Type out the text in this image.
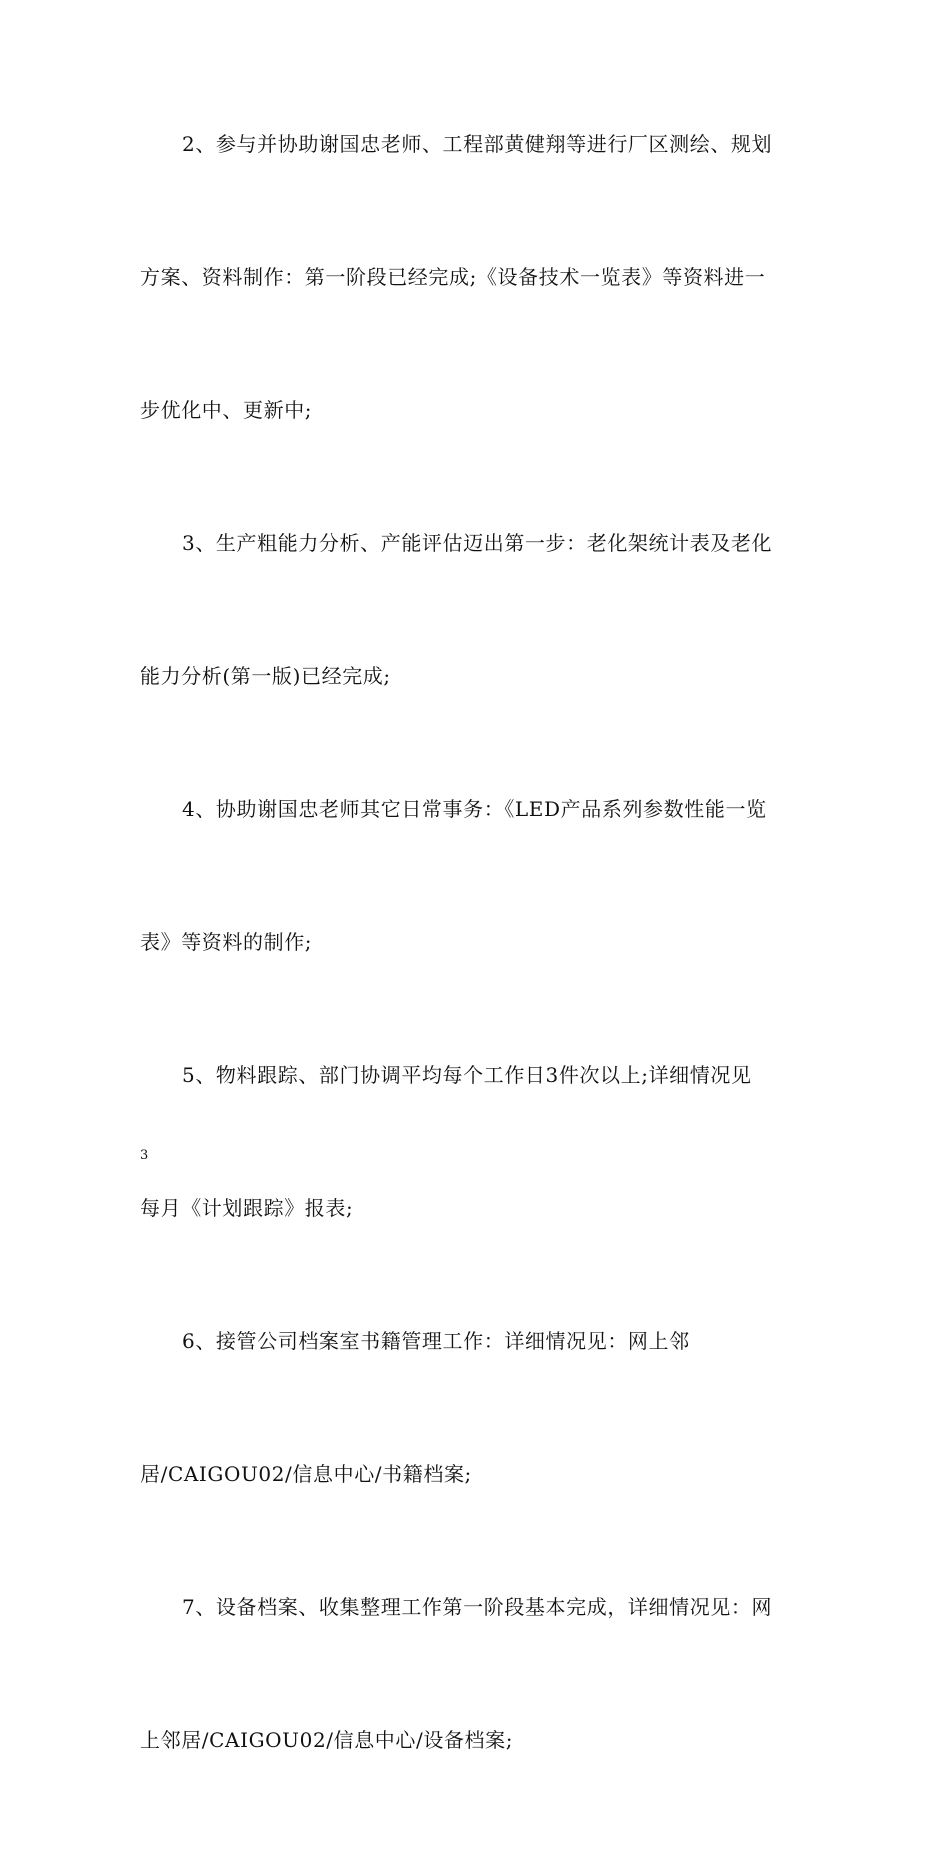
2、参与并协助谢国忠老师、工程部黄健翔等进行厂区测绘、规划
方案、资料制作：第一阶段已经完成;《设备技术一览表》等资料进一
步优化中、更新中;
3、生产粗能力分析、产能评估迈出第一步：老化架统计表及老化
能力分析(第一版)已经完成;
4、协助谢国忠老师其它日常事务：《LED产品系列参数性能一览
表》等资料的制作;
5、物料跟踪、部门协调平均每个工作日3件次以上;详细情况见
每月《计划跟踪》报表;
6、接管公司档案室书籍管理工作：详细情况见：网上邻
居/CAIGOU02/信息中心/书籍档案;
7、设备档案、收集整理工作第一阶段基本完成，详细情况见：网
上邻居/CAIGOU02/信息中心/设备档案;
3
